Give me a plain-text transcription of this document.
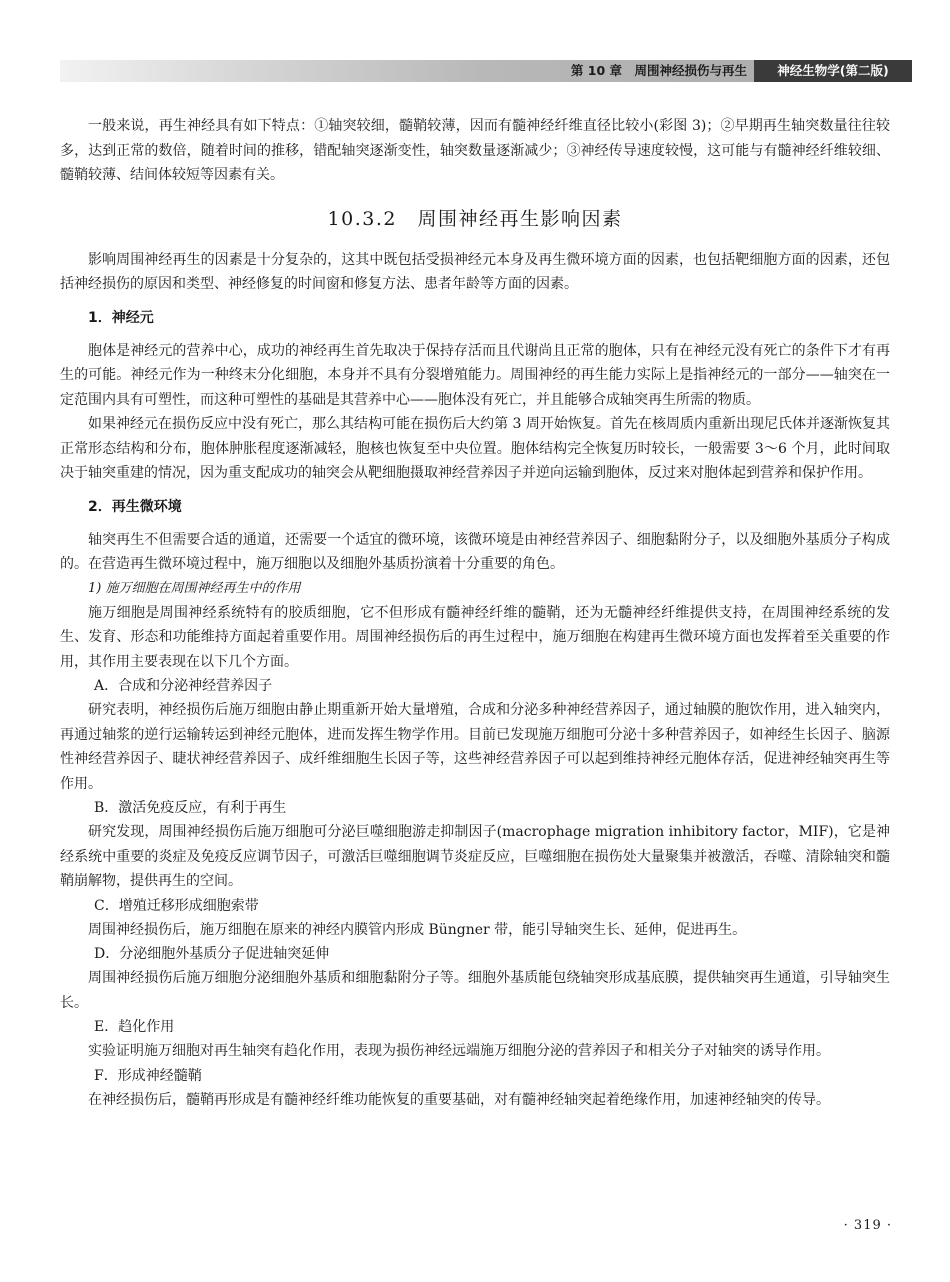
第 10 章　周围神经损伤与再生	神经生物学(第二版)

一般来说，再生神经具有如下特点：①轴突较细，髓鞘较薄，因而有髓神经纤维直径比较小(彩图 3)；②早期再生轴突数量往往较多，达到正常的数倍，随着时间的推移，错配轴突逐渐变性，轴突数量逐渐减少；③神经传导速度较慢，这可能与有髓神经纤维较细、髓鞘较薄、结间体较短等因素有关。

10.3.2　周围神经再生影响因素

影响周围神经再生的因素是十分复杂的，这其中既包括受损神经元本身及再生微环境方面的因素，也包括靶细胞方面的因素，还包括神经损伤的原因和类型、神经修复的时间窗和修复方法、患者年龄等方面的因素。

1．神经元

胞体是神经元的营养中心，成功的神经再生首先取决于保持存活而且代谢尚且正常的胞体，只有在神经元没有死亡的条件下才有再生的可能。神经元作为一种终末分化细胞，本身并不具有分裂增殖能力。周围神经的再生能力实际上是指神经元的一部分——轴突在一定范围内具有可塑性，而这种可塑性的基础是其营养中心——胞体没有死亡，并且能够合成轴突再生所需的物质。

如果神经元在损伤反应中没有死亡，那么其结构可能在损伤后大约第 3 周开始恢复。首先在核周质内重新出现尼氏体并逐渐恢复其正常形态结构和分布，胞体肿胀程度逐渐减轻，胞核也恢复至中央位置。胞体结构完全恢复历时较长，一般需要 3～6 个月，此时间取决于轴突重建的情况，因为重支配成功的轴突会从靶细胞摄取神经营养因子并逆向运输到胞体，反过来对胞体起到营养和保护作用。

2．再生微环境

轴突再生不但需要合适的通道，还需要一个适宜的微环境，该微环境是由神经营养因子、细胞黏附分子，以及细胞外基质分子构成的。在营造再生微环境过程中，施万细胞以及细胞外基质扮演着十分重要的角色。

1) 施万细胞在周围神经再生中的作用

施万细胞是周围神经系统特有的胶质细胞，它不但形成有髓神经纤维的髓鞘，还为无髓神经纤维提供支持，在周围神经系统的发生、发育、形态和功能维持方面起着重要作用。周围神经损伤后的再生过程中，施万细胞在构建再生微环境方面也发挥着至关重要的作用，其作用主要表现在以下几个方面。

A．合成和分泌神经营养因子

研究表明，神经损伤后施万细胞由静止期重新开始大量增殖，合成和分泌多种神经营养因子，通过轴膜的胞饮作用，进入轴突内，再通过轴浆的逆行运输转运到神经元胞体，进而发挥生物学作用。目前已发现施万细胞可分泌十多种营养因子，如神经生长因子、脑源性神经营养因子、睫状神经营养因子、成纤维细胞生长因子等，这些神经营养因子可以起到维持神经元胞体存活，促进神经轴突再生等作用。

B．激活免疫反应，有利于再生

研究发现，周围神经损伤后施万细胞可分泌巨噬细胞游走抑制因子(macrophage migration inhibitory factor，MIF)，它是神经系统中重要的炎症及免疫反应调节因子，可激活巨噬细胞调节炎症反应，巨噬细胞在损伤处大量聚集并被激活，吞噬、清除轴突和髓鞘崩解物，提供再生的空间。

C．增殖迁移形成细胞索带

周围神经损伤后，施万细胞在原来的神经内膜管内形成 Büngner 带，能引导轴突生长、延伸，促进再生。

D．分泌细胞外基质分子促进轴突延伸

周围神经损伤后施万细胞分泌细胞外基质和细胞黏附分子等。细胞外基质能包绕轴突形成基底膜，提供轴突再生通道，引导轴突生长。

E．趋化作用

实验证明施万细胞对再生轴突有趋化作用，表现为损伤神经远端施万细胞分泌的营养因子和相关分子对轴突的诱导作用。

F．形成神经髓鞘

在神经损伤后，髓鞘再形成是有髓神经纤维功能恢复的重要基础，对有髓神经轴突起着绝缘作用，加速神经轴突的传导。

· 319 ·
